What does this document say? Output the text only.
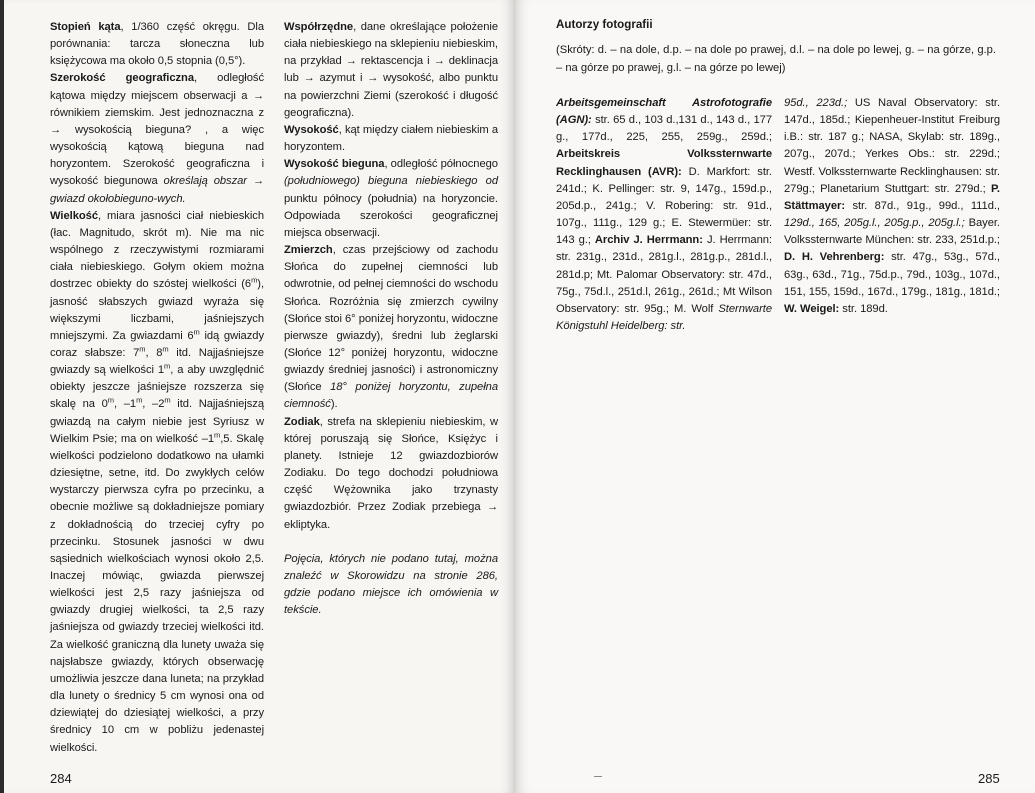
Stopień kąta, 1/360 część okręgu. Dla porównania: tarcza słoneczna lub księżycowa ma około 0,5 stopnia (0,5°).

Szerokość geograficzna, odległość kątowa między miejscem obserwacji a → równikiem ziemskim. Jest jednoznaczna z → wysokością bieguna? , a więc wysokością kątową bieguna nad horyzontem. Szerokość geograficzna i wysokość biegunowa określają obszar → gwiazd okołobieguno-wych.

Wielkość, miara jasności ciał niebieskich (łac. Magnitudo, skrót m). Nie ma nic wspólnego z rzeczywistymi rozmiarami ciała niebieskiego. Gołym okiem można dostrzec obiekty do szóstej wielkości (6$^m$), jasność słabszych gwiazd wyraża się większymi liczbami, jaśniejszych mniejszymi. Za gwiazdami 6$^m$ idą gwiazdy coraz słabsze: 7$^m$, 8$^m$ itd. Najjaśniejsze gwiazdy są wielkości 1$^m$, a aby uwzględnić obiekty jeszcze jaśniejsze rozszerza się skalę na 0$^m$, –1$^m$, –2$^m$ itd. Najjaśniejszą gwiazdą na całym niebie jest Syriusz w Wielkim Psie; ma on wielkość –1$^m$,5. Skalę wielkości podzielono dodatkowo na ułamki dziesiętne, setne, itd. Do zwykłych celów wystarczy pierwsza cyfra po przecinku, a obecnie możliwe są dokładniejsze pomiary z dokładnością do trzeciej cyfry po przecinku. Stosunek jasności w dwu sąsiednich wielkościach wynosi około 2,5. Inaczej mówiąc, gwiazda pierwszej wielkości jest 2,5 razy jaśniejsza od gwiazdy drugiej wielkości, ta 2,5 razy jaśniejsza od gwiazdy trzeciej wielkości itd. Za wielkość graniczną dla lunety uważa się najsłabsze gwiazdy, których obserwację umożliwia jeszcze dana luneta; na przykład dla lunety o średnicy 5 cm wynosi ona od dziewiątej do dziesiątej wielkości, a przy średnicy 10 cm w pobliżu jedenastej wielkości.

Współrzędne, dane określające położenie ciała niebieskiego na sklepieniu niebieskim, na przykład → rektascencja i → deklinacja lub → azymut i → wysokość, albo punktu na powierzchni Ziemi (szerokość i długość geograficzna).

Wysokość, kąt między ciałem niebieskim a horyzontem.

Wysokość bieguna, odległość północnego (południowego) bieguna niebieskiego od punktu północy (południa) na horyzoncie. Odpowiada szerokości geograficznej miejsca obserwacji.

Zmierzch, czas przejściowy od zachodu Słońca do zupełnej ciemności lub odwrotnie, od pełnej ciemności do wschodu Słońca. Rozróżnia się zmierzch cywilny (Słońce stoi 6° poniżej horyzontu, widoczne pierwsze gwiazdy), średni lub żeglarski (Słońce 12° poniżej horyzontu, widoczne gwiazdy średniej jasności) i astronomiczny (Słońce 18° poniżej horyzontu, zupełna ciemność).

Zodiak, strefa na sklepieniu niebieskim, w której poruszają się Słońce, Księżyc i planety. Istnieje 12 gwiazdozbiorów Zodiaku. Do tego dochodzi południowa część Wężownika jako trzynasty gwiazdozbiór. Przez Zodiak przebiega → ekliptyka.

Pojęcia, których nie podano tutaj, można znaleźć w Skorowidzu na stronie 286, gdzie podano miejsce ich omówienia w tekście.

284
Autorzy fotografii
(Skróty: d. – na dole, d.p. – na dole po prawej, d.l. – na dole po lewej, g. – na górze, g.p. – na górze po prawej, g.l. – na górze po lewej)

Arbeitsgemeinschaft Astrofotografie (AGN): str. 65 d., 103 d.,131 d., 143 d., 177 g., 177d., 225, 255, 259g., 259d.; Arbeitskreis Volkssternwarte Recklinghausen (AVR): D. Markfort: str. 241d.; K. Pellinger: str. 9, 147g., 159d.p., 205d.p., 241g.; V. Robering: str. 91d., 107g., 111g., 129 g.; E. Stewermüer: str. 143 g.; Archiv J. Herrmann: J. Herrmann: str. 231g., 231d., 281g.l., 281g.p., 281d.l., 281d.p; Mt. Palomar Observatory: str. 47d., 75g., 75d.l., 251d.l, 261g., 261d.; Mt Wilson Observatory: str. 95g.; M. Wolf Sternwarte Königstuhl Heidelberg: str.

95d., 223d.; US Naval Observatory: str. 147d., 185d.; Kiepenheuer-Institut Freiburg i.B.: str. 187 g.; NASA, Skylab: str. 189g., 207g., 207d.; Yerkes Obs.: str. 229d.; Westf. Volkssternwarte Recklinghausen: str. 279g.; Planetarium Stuttgart: str. 279d.; P. Stättmayer: str. 87d., 91g., 99d., 111d., 129d., 165, 205g.l., 205g.p., 205g.l.; Bayer. Volkssternwarte München: str. 233, 251d.p.; D. H. Vehrenberg: str. 47g., 53g., 57d., 63g., 63d., 71g., 75d.p., 79d., 103g., 107d., 151, 155, 159d., 167d., 179g., 181g., 181d.; W. Weigel: str. 189d.

285
